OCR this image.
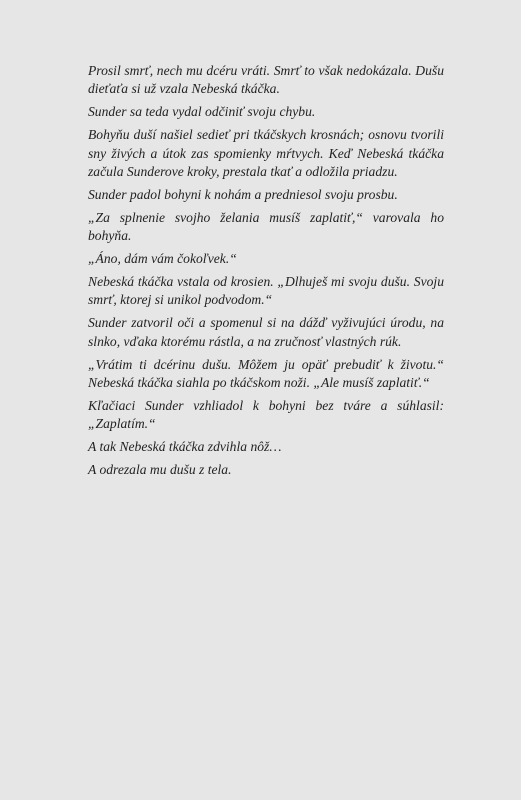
Prosil smrť, nech mu dcéru vráti. Smrť to však nedokázala. Dušu dieťaťa si už vzala Nebeská tkáčka.

Sunder sa teda vydal odčiniť svoju chybu.

Bohyňu duší našiel sedieť pri tkáčskych krosnách; osnovu tvorili sny živých a útok zas spomienky mŕtvych. Keď Nebeská tkáčka začula Sunderove kroky, prestala tkať a odložila priadzu.

Sunder padol bohyni k nohám a predniesol svoju prosbu.

„Za splnenie svojho želania musíš zaplatiť,“ varovala ho bohyňa.

„Áno, dám vám čokoľvek.“

Nebeská tkáčka vstala od krosien. „Dlhuješ mi svoju dušu. Svoju smrť, ktorej si unikol podvodom.“

Sunder zatvoril oči a spomenul si na dážď vyživujúci úrodu, na slnko, vďaka ktorému rástla, a na zručnosť vlastných rúk.

„Vrátim ti dcérinu dušu. Môžem ju opäť prebudiť k životu.“ Nebeská tkáčka siahla po tkáčskom noži. „Ale musíš zaplatiť.“

Kľačiaci Sunder vzhliadol k bohyni bez tváre a súhlasil: „Zaplatím.“

A tak Nebeská tkáčka zdvihla nôž…

A odrezala mu dušu z tela.
